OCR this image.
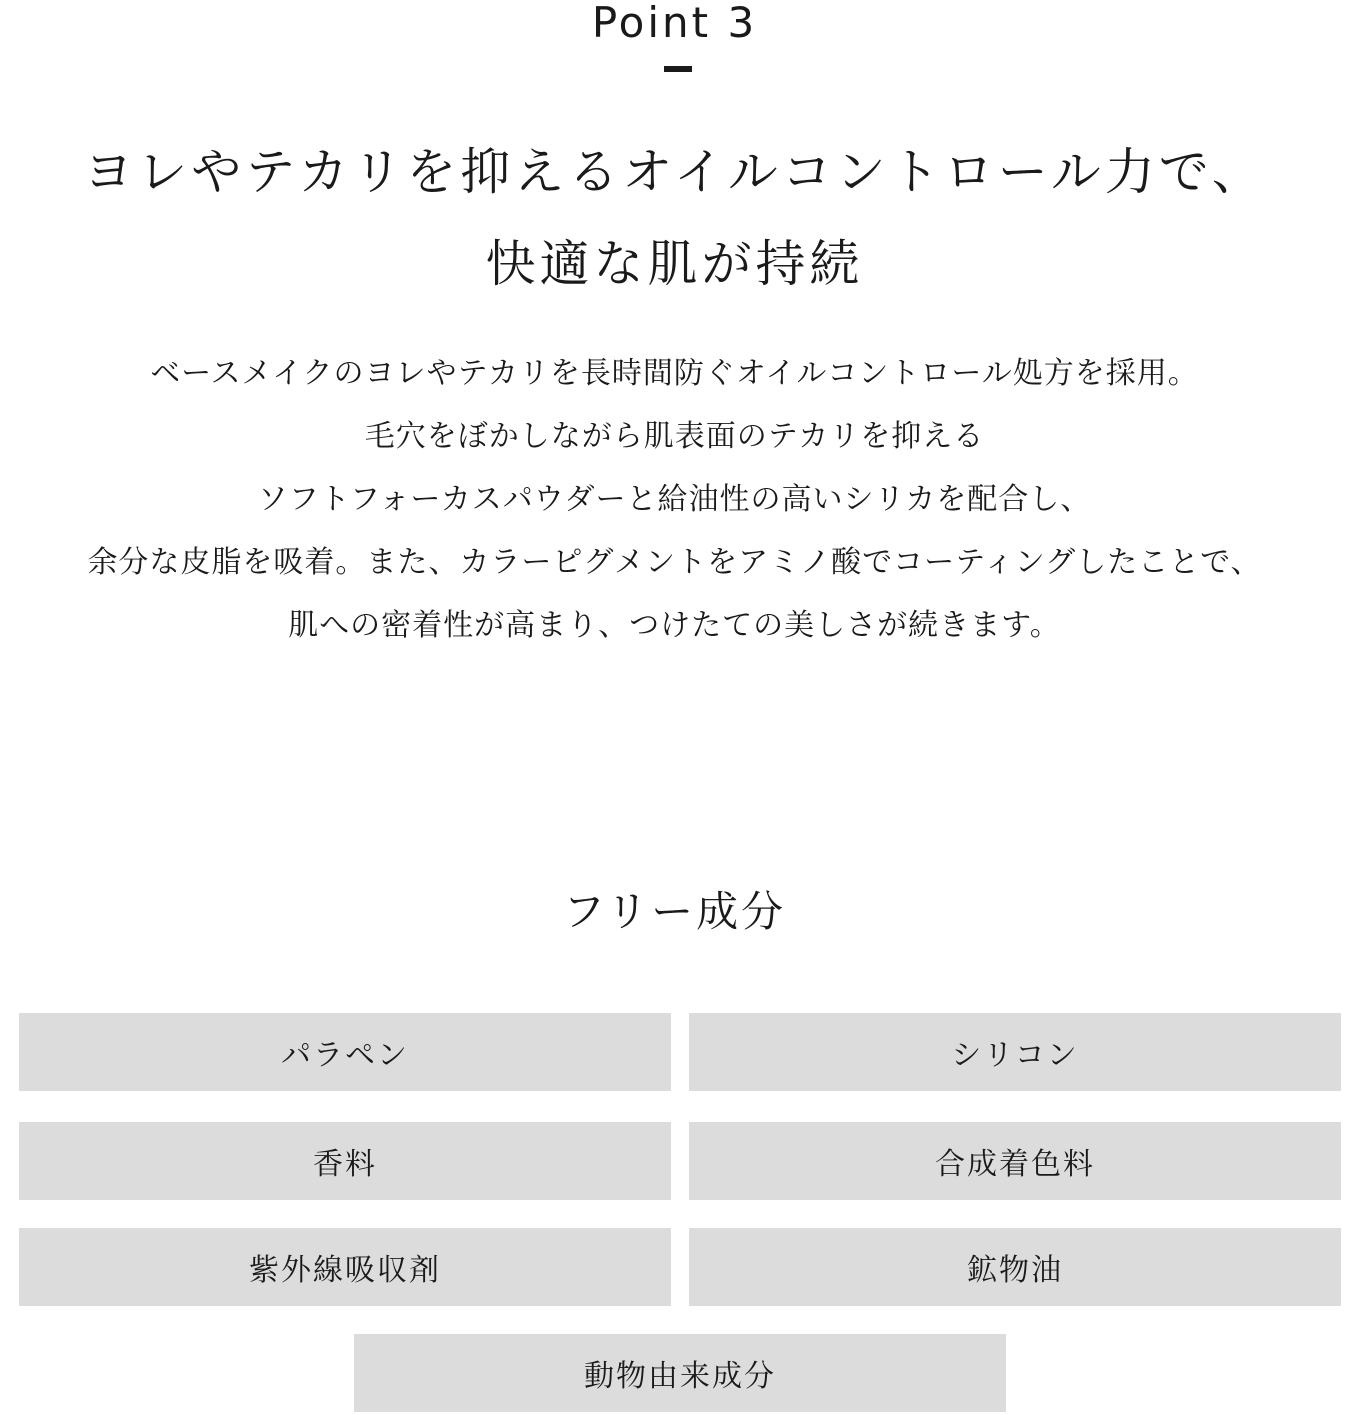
Point 3
ヨレやテカリを抑えるオイルコントロール力で、
快適な肌が持続
ベースメイクのヨレやテカリを長時間防ぐオイルコントロール処方を採用。
毛穴をぼかしながら肌表面のテカリを抑える
ソフトフォーカスパウダーと給油性の高いシリカを配合し、
余分な皮脂を吸着。また、カラーピグメントをアミノ酸でコーティングしたことで、
肌への密着性が高まり、つけたての美しさが続きます。
フリー成分
パラペン	シリコン
香料	合成着色料
紫外線吸収剤	鉱物油
動物由来成分
